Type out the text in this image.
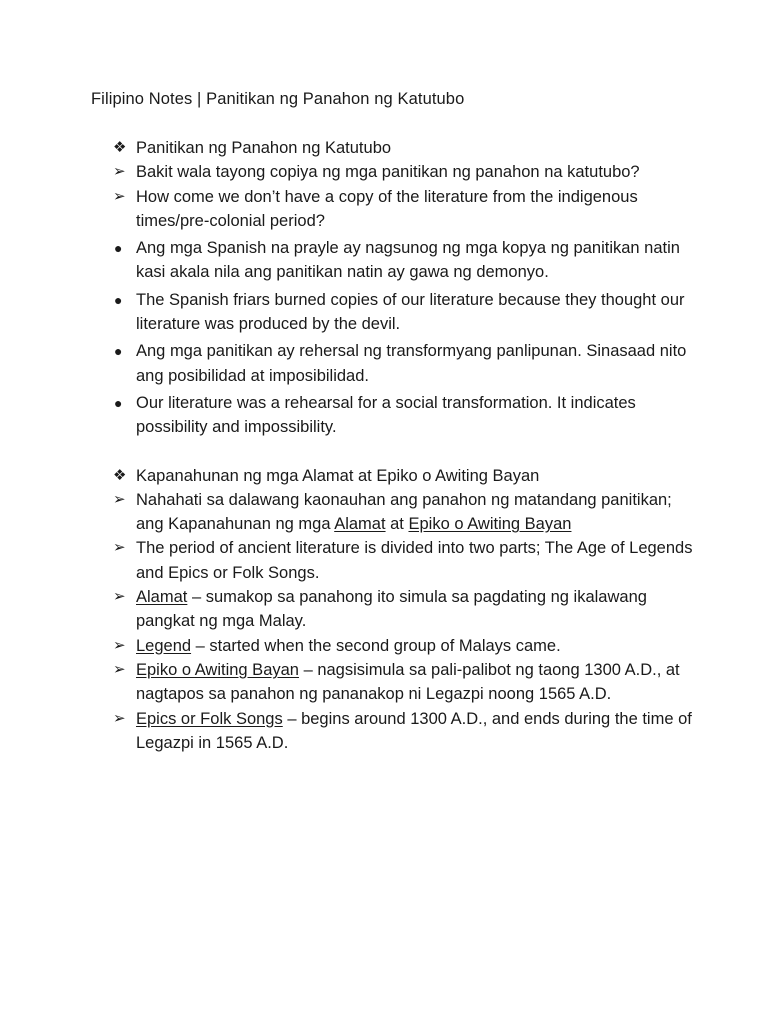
Filipino Notes | Panitikan ng Panahon ng Katutubo

❖ Panitikan ng Panahon ng Katutubo

➢ Bakit wala tayong copiya ng mga panitikan ng panahon na katutubo?

➢ How come we don’t have a copy of the literature from the indigenous times/pre-colonial period?

● Ang mga Spanish na prayle ay nagsunog ng mga kopya ng panitikan natin kasi akala nila ang panitikan natin ay gawa ng demonyo.

● The Spanish friars burned copies of our literature because they thought our literature was produced by the devil.

● Ang mga panitikan ay rehersal ng transformyang panlipunan. Sinasaad nito ang posibilidad at imposibilidad.

● Our literature was a rehearsal for a social transformation. It indicates possibility and impossibility.

❖ Kapanahunan ng mga Alamat at Epiko o Awiting Bayan

➢ Nahahati sa dalawang kaonauhan ang panahon ng matandang panitikan; ang Kapanahunan ng mga Alamat at Epiko o Awiting Bayan

➢ The period of ancient literature is divided into two parts; The Age of Legends and Epics or Folk Songs.

➢ Alamat – sumakop sa panahong ito simula sa pagdating ng ikalawang pangkat ng mga Malay.

➢ Legend – started when the second group of Malays came.

➢ Epiko o Awiting Bayan – nagsisimula sa pali-palibot ng taong 1300 A.D., at nagtapos sa panahon ng pananakop ni Legazpi noong 1565 A.D.

➢ Epics or Folk Songs – begins around 1300 A.D., and ends during the time of Legazpi in 1565 A.D.
